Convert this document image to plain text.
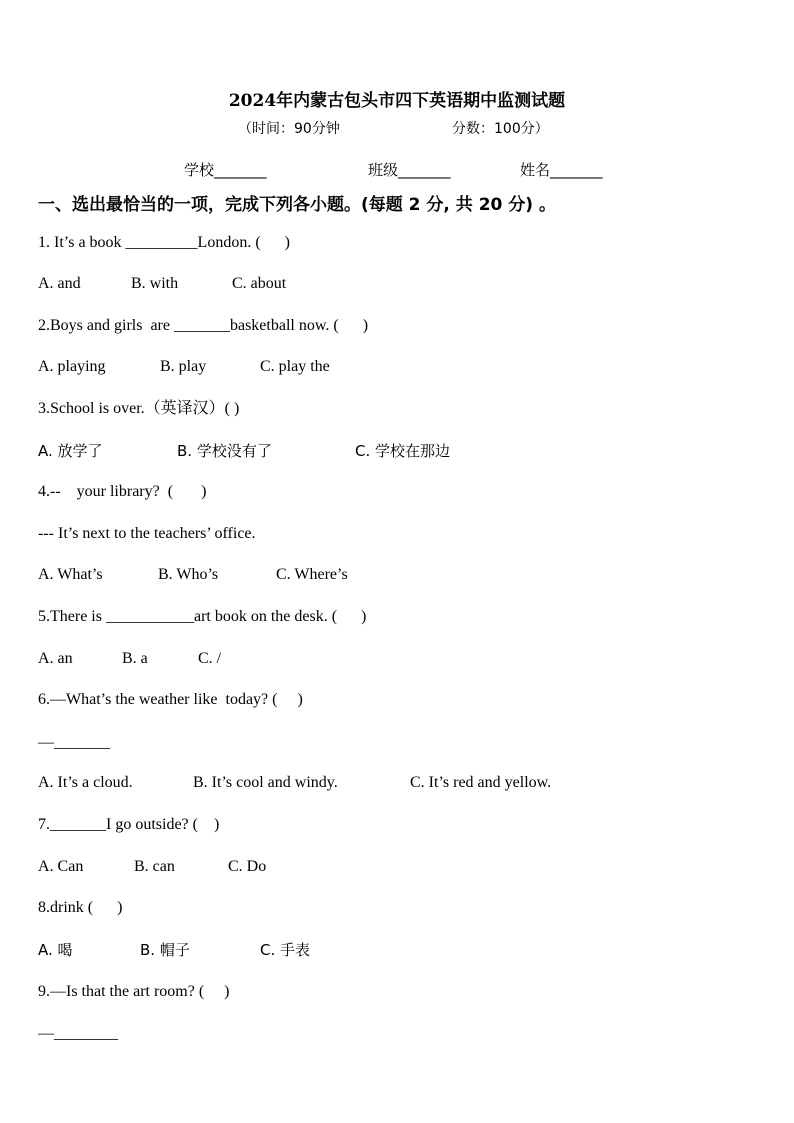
2024年内蒙古包头市四下英语期中监测试题
（时间：90分钟	分数：100分）
学校_______	班级_______	姓名_______
一、选出最恰当的一项，完成下列各小题。(每题 2 分, 共 20 分) 。
1. It’s a book _________London. (      )
A. and	B. with	C. about
2.Boys and girls  are _______basketball now. (      )
A. playing	B. play	C. play the
3.School is over.（英译汉）( )
A. 放学了	B. 学校没有了	C. 学校在那边
4.--    your library?  (       )
--- It’s next to the teachers’ office.
A. What’s	B. Who’s	C. Where’s
5.There is ___________art book on the desk. (      )
A. an	B. a	C. /
6.—What’s the weather like  today? (     )
—_______
A. It’s a cloud.	B. It’s cool and windy.	C. It’s red and yellow.
7._______I go outside? (    )
A. Can	B. can	C. Do
8.drink (      )
A. 喝	B. 帽子	C. 手表
9.—Is that the art room? (     )
—________
